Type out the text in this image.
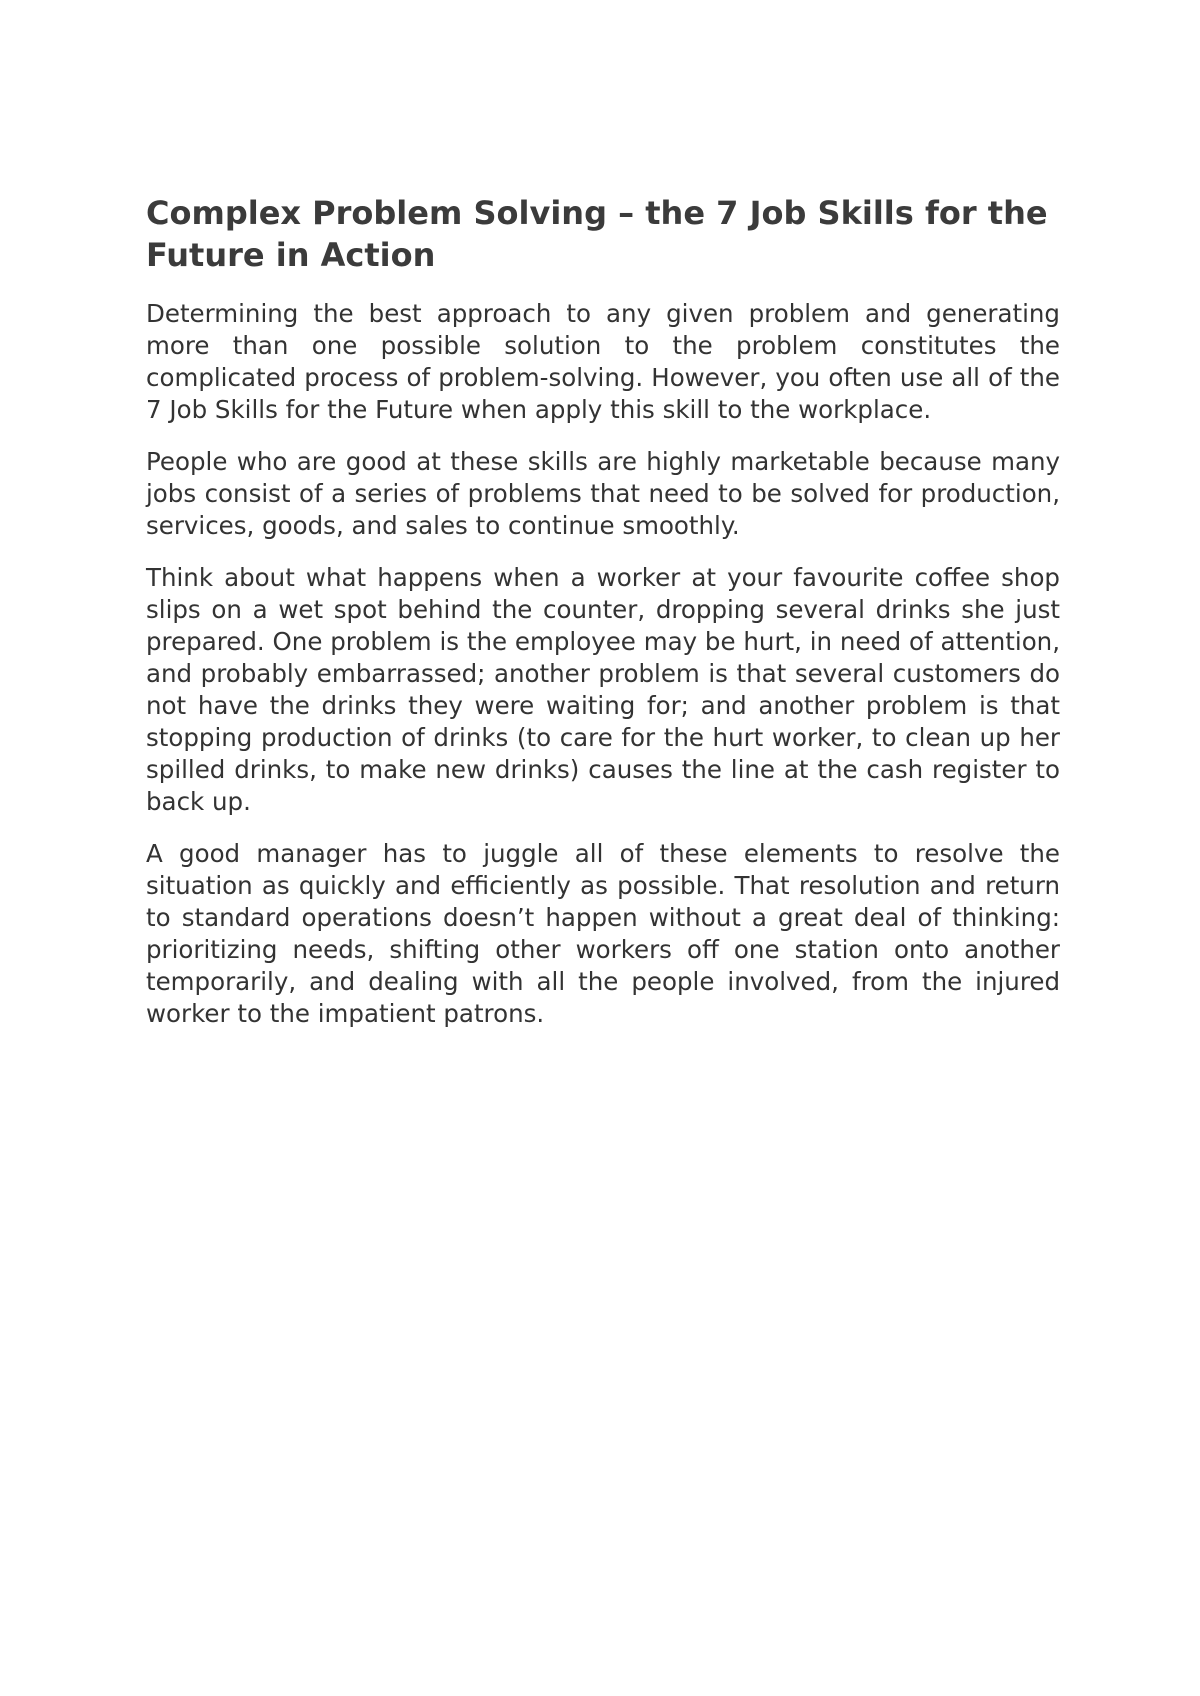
Complex Problem Solving – the 7 Job Skills for the Future in Action

Determining the best approach to any given problem and generating more than one possible solution to the problem constitutes the complicated process of problem-solving. However, you often use all of the 7 Job Skills for the Future when apply this skill to the workplace.

People who are good at these skills are highly marketable because many jobs consist of a series of problems that need to be solved for production, services, goods, and sales to continue smoothly.

Think about what happens when a worker at your favourite coffee shop slips on a wet spot behind the counter, dropping several drinks she just prepared. One problem is the employee may be hurt, in need of attention, and probably embarrassed; another problem is that several customers do not have the drinks they were waiting for; and another problem is that stopping production of drinks (to care for the hurt worker, to clean up her spilled drinks, to make new drinks) causes the line at the cash register to back up.

A good manager has to juggle all of these elements to resolve the situation as quickly and efficiently as possible. That resolution and return to standard operations doesn’t happen without a great deal of thinking: prioritizing needs, shifting other workers off one station onto another temporarily, and dealing with all the people involved, from the injured worker to the impatient patrons.
